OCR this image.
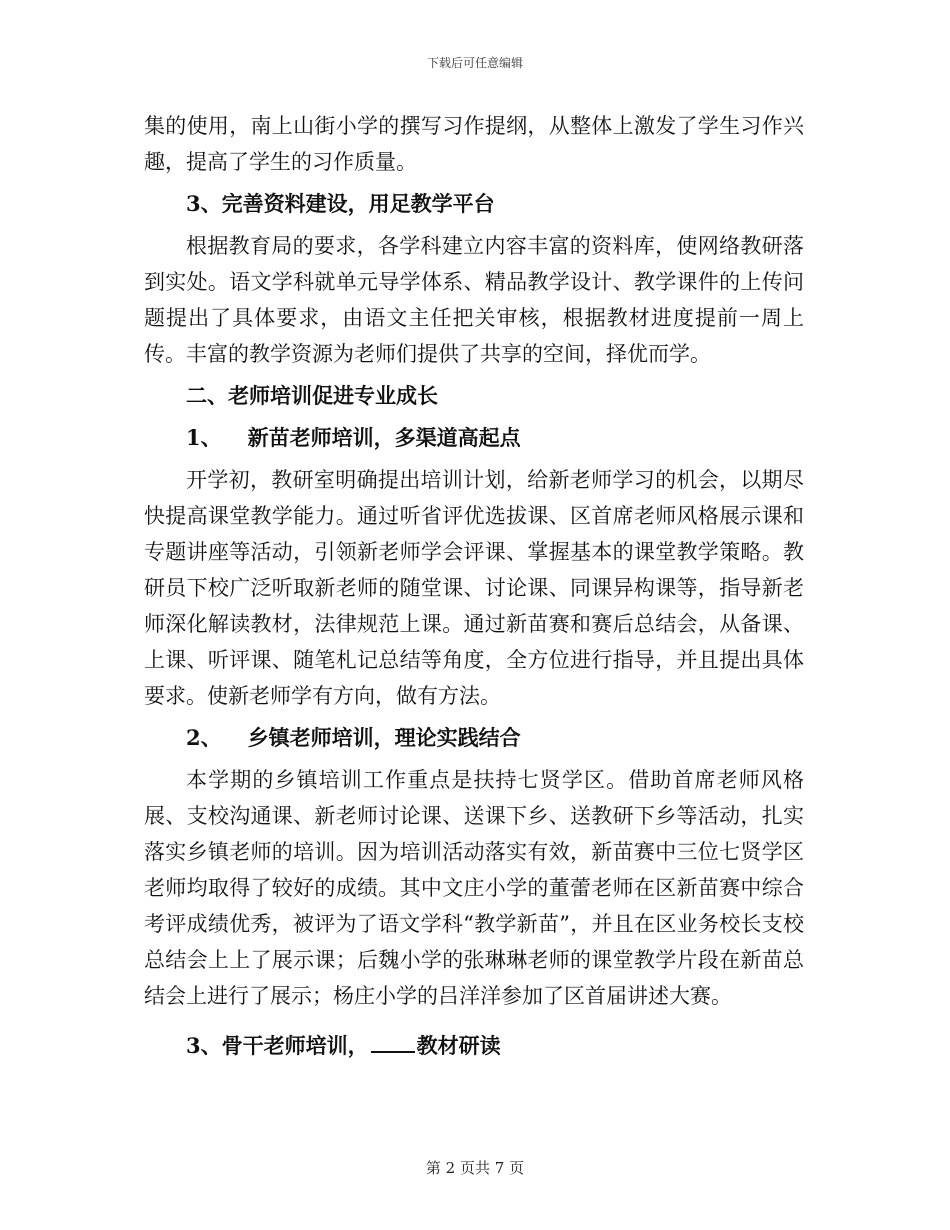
下载后可任意编辑

集的使用，南上山街小学的撰写习作提纲，从整体上激发了学生习作兴趣，提高了学生的习作质量。

3、完善资料建设，用足教学平台

根据教育局的要求，各学科建立内容丰富的资料库，使网络教研落到实处。语文学科就单元导学体系、精品教学设计、教学课件的上传问题提出了具体要求，由语文主任把关审核，根据教材进度提前一周上传。丰富的教学资源为老师们提供了共享的空间，择优而学。

二、老师培训促进专业成长

1、 新苗老师培训，多渠道高起点

开学初，教研室明确提出培训计划，给新老师学习的机会，以期尽快提高课堂教学能力。通过听省评优选拔课、区首席老师风格展示课和专题讲座等活动，引领新老师学会评课、掌握基本的课堂教学策略。教研员下校广泛听取新老师的随堂课、讨论课、同课异构课等，指导新老师深化解读教材，法律规范上课。通过新苗赛和赛后总结会，从备课、上课、听评课、随笔札记总结等角度，全方位进行指导，并且提出具体要求。使新老师学有方向，做有方法。

2、 乡镇老师培训，理论实践结合

本学期的乡镇培训工作重点是扶持七贤学区。借助首席老师风格展、支校沟通课、新老师讨论课、送课下乡、送教研下乡等活动，扎实落实乡镇老师的培训。因为培训活动落实有效，新苗赛中三位七贤学区老师均取得了较好的成绩。其中文庄小学的董蕾老师在区新苗赛中综合考评成绩优秀，被评为了语文学科“教学新苗”，并且在区业务校长支校总结会上上了展示课；后魏小学的张琳琳老师的课堂教学片段在新苗总结会上进行了展示；杨庄小学的吕洋洋参加了区首届讲述大赛。

3、骨干老师培训， 教材研读

第 2 页共 7 页
